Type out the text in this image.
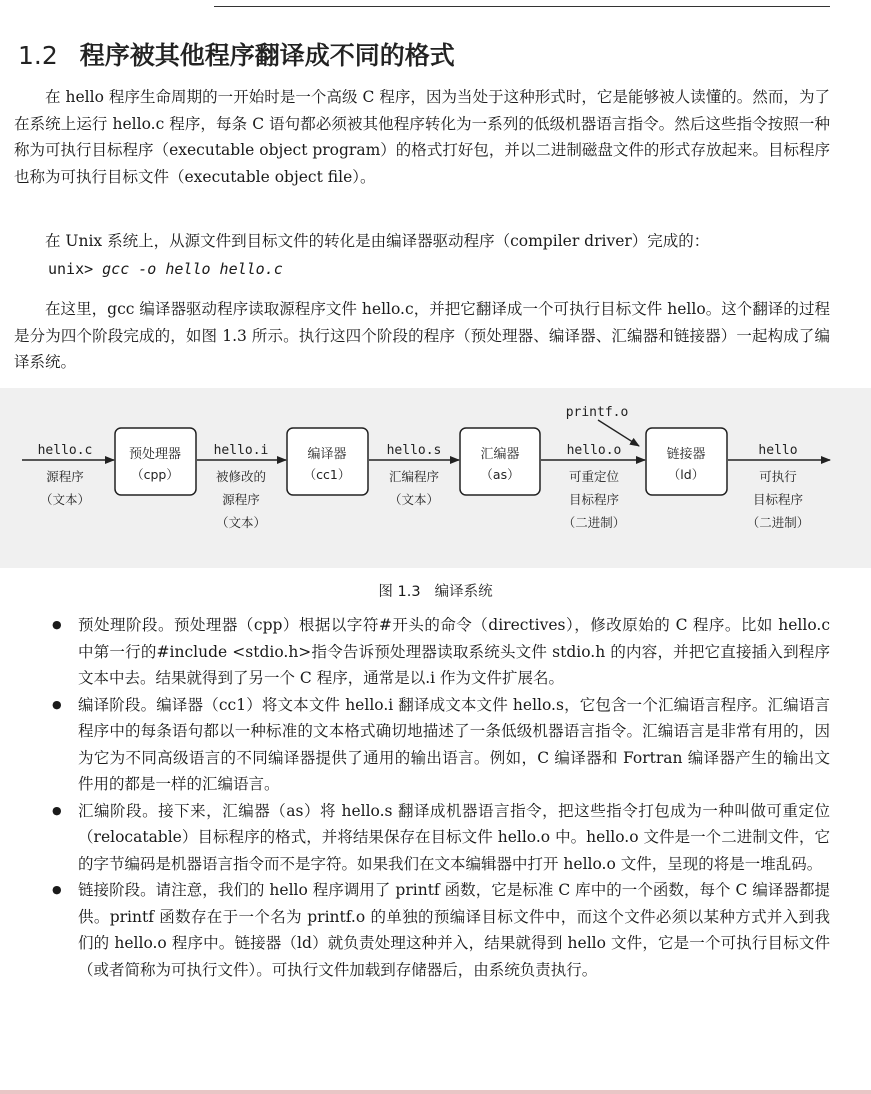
1.2 程序被其他程序翻译成不同的格式

在 hello 程序生命周期的一开始时是一个高级 C 程序，因为当处于这种形式时，它是能够被人读懂的。然而，为了在系统上运行 hello.c 程序，每条 C 语句都必须被其他程序转化为一系列的低级机器语言指令。然后这些指令按照一种称为可执行目标程序（executable object program）的格式打好包，并以二进制磁盘文件的形式存放起来。目标程序也称为可执行目标文件（executable object file）。

在 Unix 系统上，从源文件到目标文件的转化是由编译器驱动程序（compiler driver）完成的：

unix> gcc -o hello hello.c

在这里，gcc 编译器驱动程序读取源程序文件 hello.c，并把它翻译成一个可执行目标文件 hello。这个翻译的过程是分为四个阶段完成的，如图 1.3 所示。执行这四个阶段的程序（预处理器、编译器、汇编器和链接器）一起构成了编译系统。

预处理器
（cpp）
编译器
（cc1）
汇编器
（as）
链接器
（ld）
printf.o
hello.c
源程序
（文本）
hello.i
被修改的
源程序
（文本）
hello.s
汇编程序
（文本）
hello.o
可重定位
目标程序
（二进制）
hello
可执行
目标程序
（二进制）
图 1.3 编译系统
● 预处理阶段。预处理器（cpp）根据以字符#开头的命令（directives），修改原始的 C 程序。比如 hello.c 中第一行的#include <stdio.h>指令告诉预处理器读取系统头文件 stdio.h 的内容，并把它直接插入到程序文本中去。结果就得到了另一个 C 程序，通常是以.i 作为文件扩展名。
● 编译阶段。编译器（cc1）将文本文件 hello.i 翻译成文本文件 hello.s，它包含一个汇编语言程序。汇编语言程序中的每条语句都以一种标准的文本格式确切地描述了一条低级机器语言指令。汇编语言是非常有用的，因为它为不同高级语言的不同编译器提供了通用的输出语言。例如，C 编译器和 Fortran 编译器产生的输出文件用的都是一样的汇编语言。
● 汇编阶段。接下来，汇编器（as）将 hello.s 翻译成机器语言指令，把这些指令打包成为一种叫做可重定位（relocatable）目标程序的格式，并将结果保存在目标文件 hello.o 中。hello.o 文件是一个二进制文件，它的字节编码是机器语言指令而不是字符。如果我们在文本编辑器中打开 hello.o 文件，呈现的将是一堆乱码。
● 链接阶段。请注意，我们的 hello 程序调用了 printf 函数，它是标准 C 库中的一个函数，每个 C 编译器都提供。printf 函数存在于一个名为 printf.o 的单独的预编译目标文件中，而这个文件必须以某种方式并入到我们的 hello.o 程序中。链接器（ld）就负责处理这种并入，结果就得到 hello 文件，它是一个可执行目标文件（或者简称为可执行文件）。可执行文件加载到存储器后，由系统负责执行。
